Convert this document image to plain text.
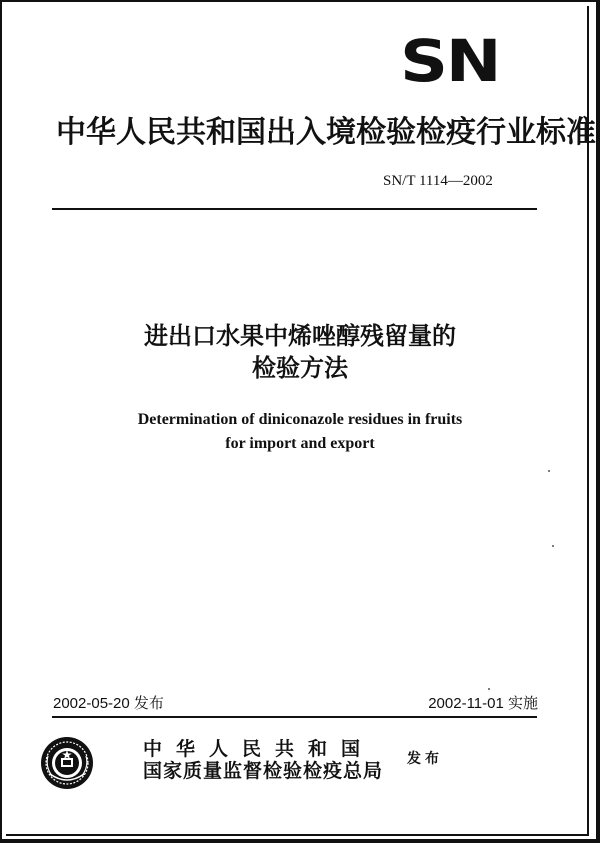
SN
中华人民共和国出入境检验检疫行业标准
SN/T 1114—2002
进出口水果中烯唑醇残留量的
检验方法
Determination of diniconazole residues in fruits
for import and export
2002-05-20 发布	2002-11-01 实施
中华人民共和国
国家质量监督检验检疫总局
发布
